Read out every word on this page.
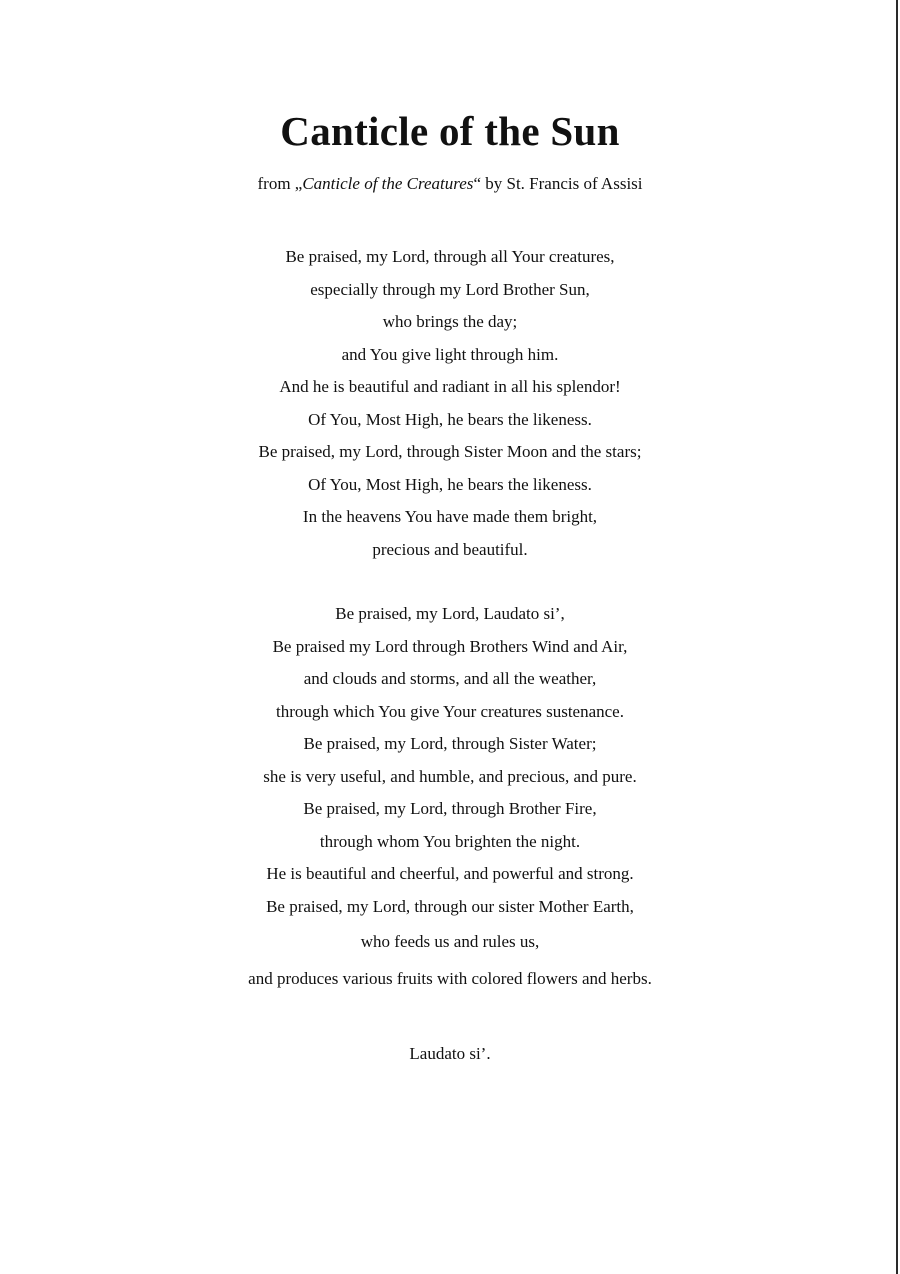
Canticle of the Sun
from „Canticle of the Creatures“ by St. Francis of Assisi
Be praised, my Lord, through all Your creatures,
especially through my Lord Brother Sun,
who brings the day;
and You give light through him.
And he is beautiful and radiant in all his splendor!
Of You, Most High, he bears the likeness.
Be praised, my Lord, through Sister Moon and the stars;
Of You, Most High, he bears the likeness.
In the heavens You have made them bright,
precious and beautiful.
Be praised, my Lord, Laudato si’,
Be praised my Lord through Brothers Wind and Air,
and clouds and storms, and all the weather,
through which You give Your creatures sustenance.
Be praised, my Lord, through Sister Water;
she is very useful, and humble, and precious, and pure.
Be praised, my Lord, through Brother Fire,
through whom You brighten the night.
He is beautiful and cheerful, and powerful and strong.
Be praised, my Lord, through our sister Mother Earth,
who feeds us and rules us,
and produces various fruits with colored flowers and herbs.
Laudato si’.
